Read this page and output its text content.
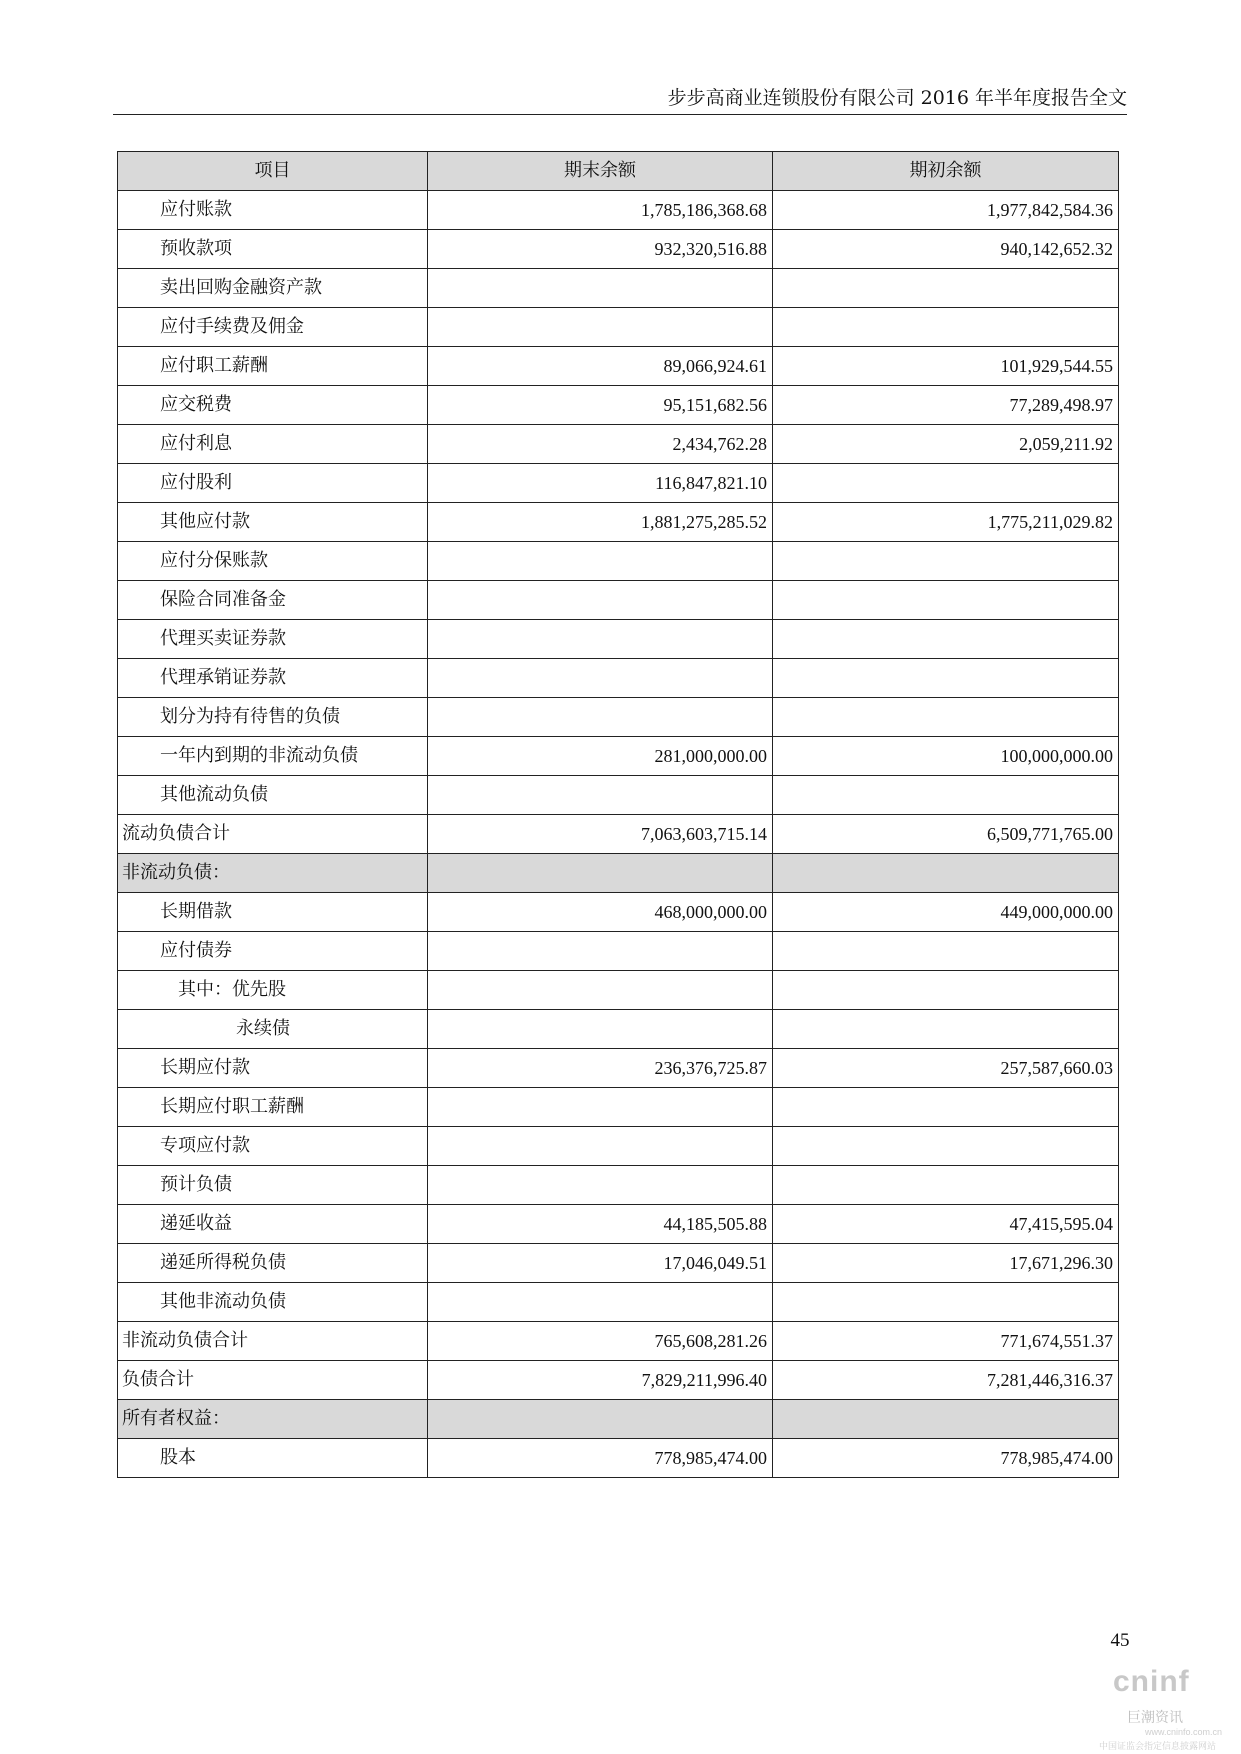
步步高商业连锁股份有限公司 2016 年半年度报告全文
项目	期末余额	期初余额
应付账款	1,785,186,368.68	1,977,842,584.36
预收款项	932,320,516.88	940,142,652.32
卖出回购金融资产款		
应付手续费及佣金		
应付职工薪酬	89,066,924.61	101,929,544.55
应交税费	95,151,682.56	77,289,498.97
应付利息	2,434,762.28	2,059,211.92
应付股利	116,847,821.10	
其他应付款	1,881,275,285.52	1,775,211,029.82
应付分保账款		
保险合同准备金		
代理买卖证券款		
代理承销证券款		
划分为持有待售的负债		
一年内到期的非流动负债	281,000,000.00	100,000,000.00
其他流动负债		
流动负债合计	7,063,603,715.14	6,509,771,765.00
非流动负债：		
长期借款	468,000,000.00	449,000,000.00
应付债券		
其中：优先股		
永续债		
长期应付款	236,376,725.87	257,587,660.03
长期应付职工薪酬		
专项应付款		
预计负债		
递延收益	44,185,505.88	47,415,595.04
递延所得税负债	17,046,049.51	17,671,296.30
其他非流动负债		
非流动负债合计	765,608,281.26	771,674,551.37
负债合计	7,829,211,996.40	7,281,446,316.37
所有者权益：		
股本	778,985,474.00	778,985,474.00
45
cninf
巨潮资讯
www.cninfo.com.cn
中国证监会指定信息披露网站
